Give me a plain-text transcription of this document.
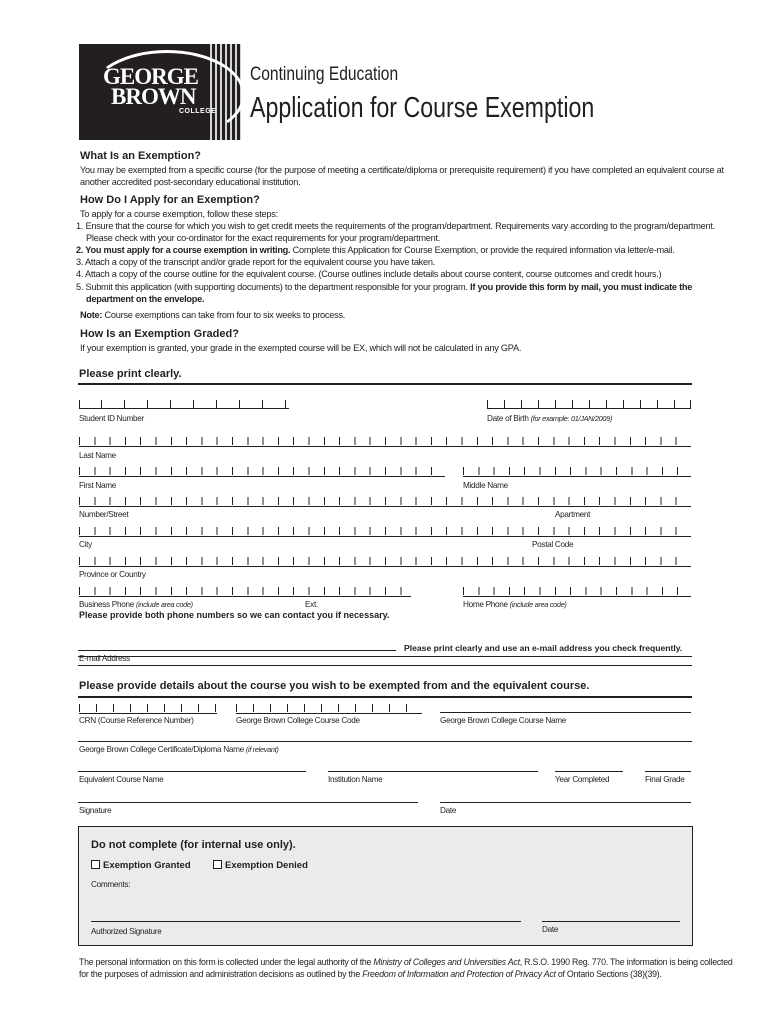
GEORGE
BROWN
COLLEGE
Continuing Education
Application for Course Exemption
What Is an Exemption?
You may be exempted from a specific course (for the purpose of meeting a certificate/diploma or prerequisite requirement) if you have completed an equivalent course at
another accredited post-secondary educational institution.
How Do I Apply for an Exemption?
To apply for a course exemption, follow these steps:
1. Ensure that the course for which you wish to get credit meets the requirements of the program/department. Requirements vary according to the program/department.
Please check with your co-ordinator for the exact requirements for your program/department.
2. You must apply for a course exemption in writing. Complete this Application for Course Exemption, or provide the required information via letter/e-mail.
3. Attach a copy of the transcript and/or grade report for the equivalent course you have taken.
4. Attach a copy of the course outline for the equivalent course. (Course outlines include details about course content, course outcomes and credit hours.)
5. Submit this application (with supporting documents) to the department responsible for your program. If you provide this form by mail, you must indicate the
department on the envelope.
Note: Course exemptions can take from four to six weeks to process.
How Is an Exemption Graded?
If your exemption is granted, your grade in the exempted course will be EX, which will not be calculated in any GPA.
Please print clearly.
Student ID Number	Date of Birth (for example: 01/JAN/2009)
Last Name
First Name	Middle Name
Number/Street	Apartment
City	Postal Code
Province or Country
Business Phone (include area code)	Ext.	Home Phone (include area code)
Please provide both phone numbers so we can contact you if necessary.
Please print clearly and use an e-mail address you check frequently.
E-mail Address
Please provide details about the course you wish to be exempted from and the equivalent course.
CRN (Course Reference Number)	George Brown College Course Code	George Brown College Course Name
George Brown College Certificate/Diploma Name (if relevant)
Equivalent Course Name	Institution Name	Year Completed	Final Grade
Signature	Date
Do not complete (for internal use only).
Exemption Granted	Exemption Denied
Comments:
Authorized Signature	Date
The personal information on this form is collected under the legal authority of the Ministry of Colleges and Universities Act, R.S.O. 1990 Reg. 770. The information is being collected
for the purposes of admission and administration decisions as outlined by the Freedom of Information and Protection of Privacy Act of Ontario Sections (38)(39).
